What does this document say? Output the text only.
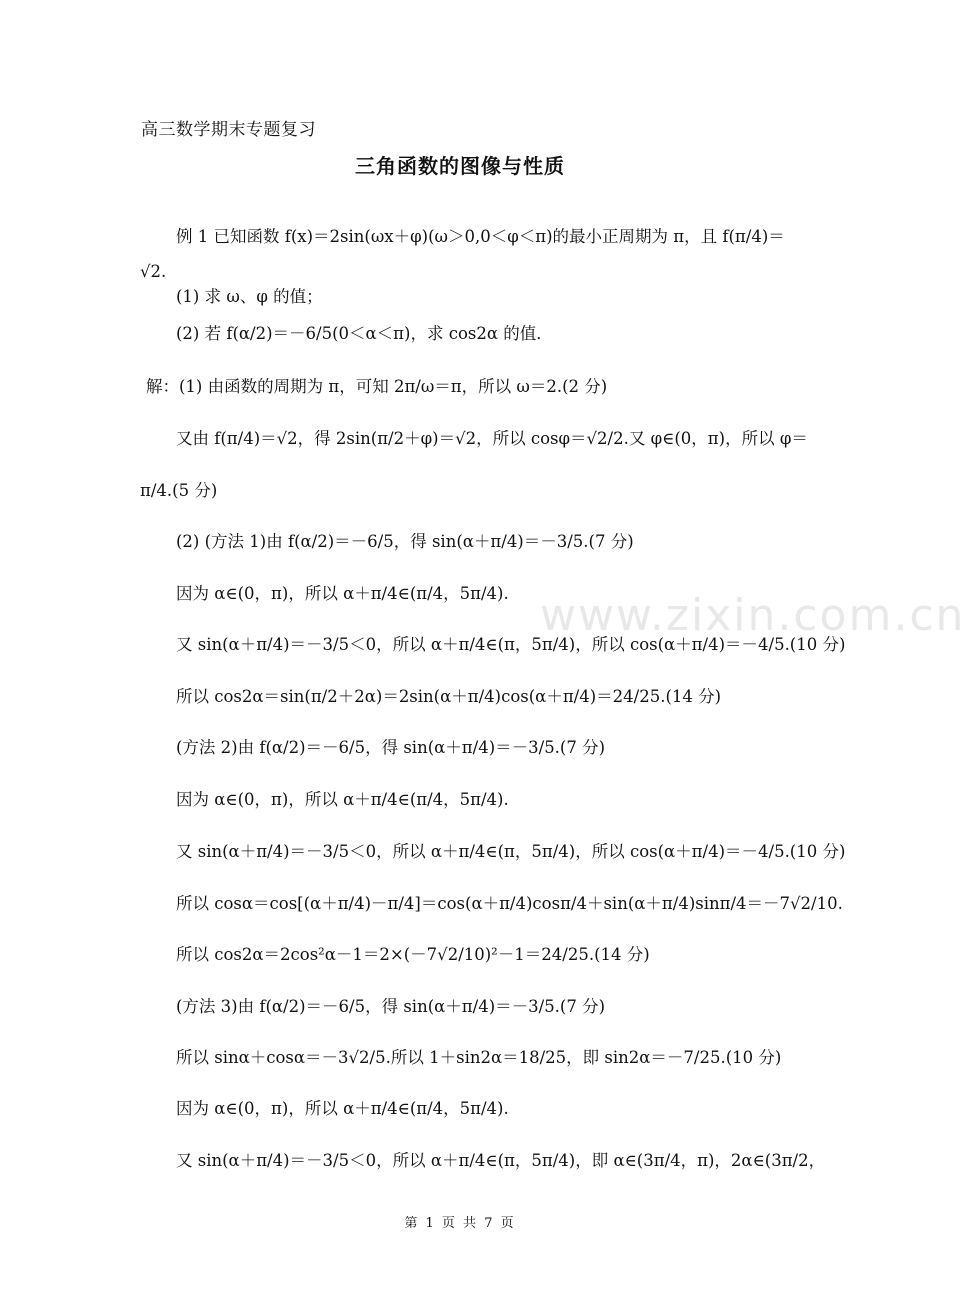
www.zixin.com.cn
高三数学期末专题复习
三角函数的图像与性质
例 1 已知函数 f(x)＝2sin(ωx＋φ)(ω＞0,0＜φ＜π)的最小正周期为 π，且 f(π/4)＝
√2.
(1) 求 ω、φ 的值；
(2) 若 f(α/2)＝－6/5(0＜α＜π)，求 cos2α 的值．
解：(1) 由函数的周期为 π，可知 2π/ω＝π，所以 ω＝2.(2 分)
又由 f(π/4)＝√2，得 2sin(π/2＋φ)＝√2，所以 cosφ＝√2/2.又 φ∈(0，π)，所以 φ＝
π/4.(5 分)
(2) (方法 1)由 f(α/2)＝－6/5，得 sin(α＋π/4)＝－3/5.(7 分)
因为 α∈(0，π)，所以 α＋π/4∈(π/4，5π/4).
又 sin(α＋π/4)＝－3/5＜0，所以 α＋π/4∈(π，5π/4)，所以 cos(α＋π/4)＝－4/5.(10 分)
所以 cos2α＝sin(π/2＋2α)＝2sin(α＋π/4)cos(α＋π/4)＝24/25.(14 分)
(方法 2)由 f(α/2)＝－6/5，得 sin(α＋π/4)＝－3/5.(7 分)
因为 α∈(0，π)，所以 α＋π/4∈(π/4，5π/4).
又 sin(α＋π/4)＝－3/5＜0，所以 α＋π/4∈(π，5π/4)，所以 cos(α＋π/4)＝－4/5.(10 分)
所以 cosα＝cos[(α＋π/4)－π/4]＝cos(α＋π/4)cosπ/4＋sin(α＋π/4)sinπ/4＝－7√2/10.
所以 cos2α＝2cos²α－1＝2×(－7√2/10)²－1＝24/25.(14 分)
(方法 3)由 f(α/2)＝－6/5，得 sin(α＋π/4)＝－3/5.(7 分)
所以 sinα＋cosα＝－3√2/5.所以 1＋sin2α＝18/25，即 sin2α＝－7/25.(10 分)
因为 α∈(0，π)，所以 α＋π/4∈(π/4，5π/4).
又 sin(α＋π/4)＝－3/5＜0，所以 α＋π/4∈(π，5π/4)，即 α∈(3π/4，π)，2α∈(3π/2，
第 1 页 共 7 页
